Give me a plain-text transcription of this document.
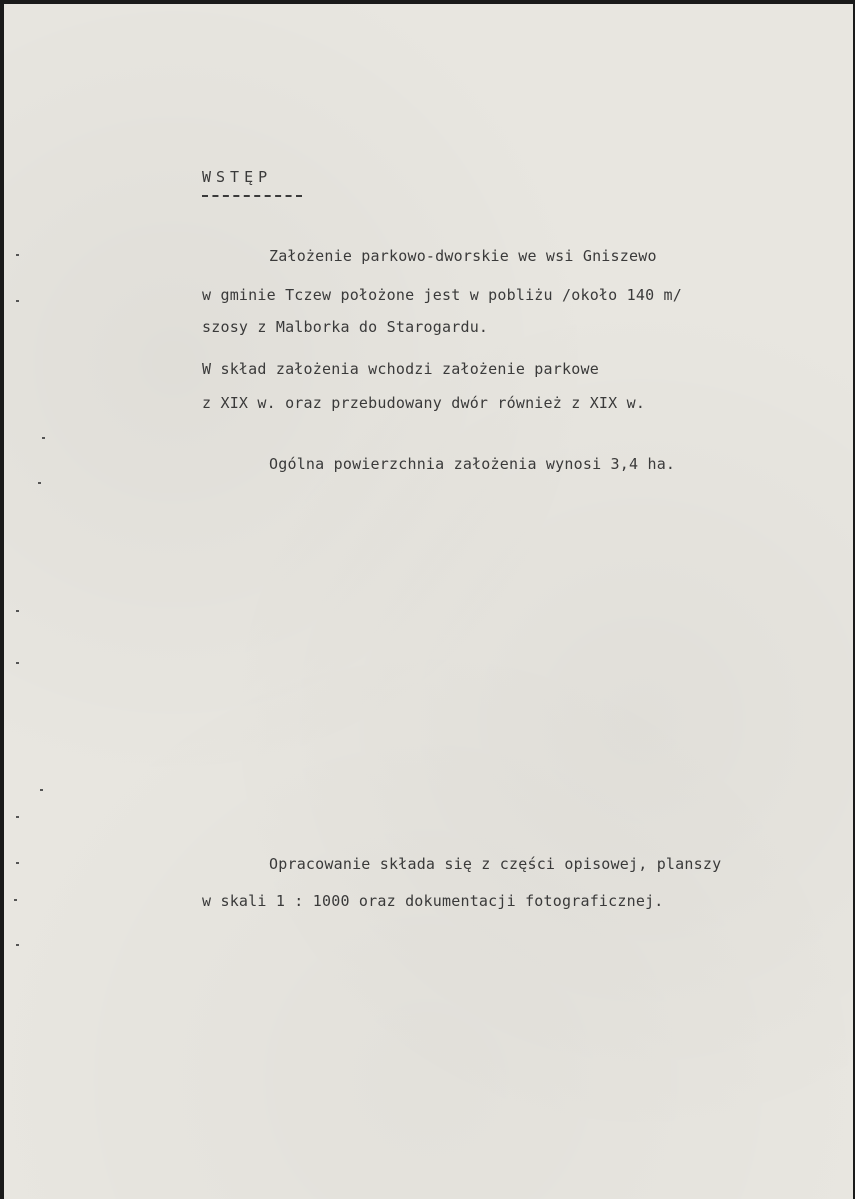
WSTĘP
Założenie parkowo-dworskie we wsi Gniszewo
w gminie Tczew położone jest w pobliżu /około 140 m/
szosy z Malborka do Starogardu.
W skład założenia wchodzi założenie parkowe
z XIX w. oraz przebudowany dwór również z XIX w.
Ogólna powierzchnia założenia wynosi 3,4 ha.
Opracowanie składa się z części opisowej, planszy
w skali 1 : 1000 oraz dokumentacji fotograficznej.
